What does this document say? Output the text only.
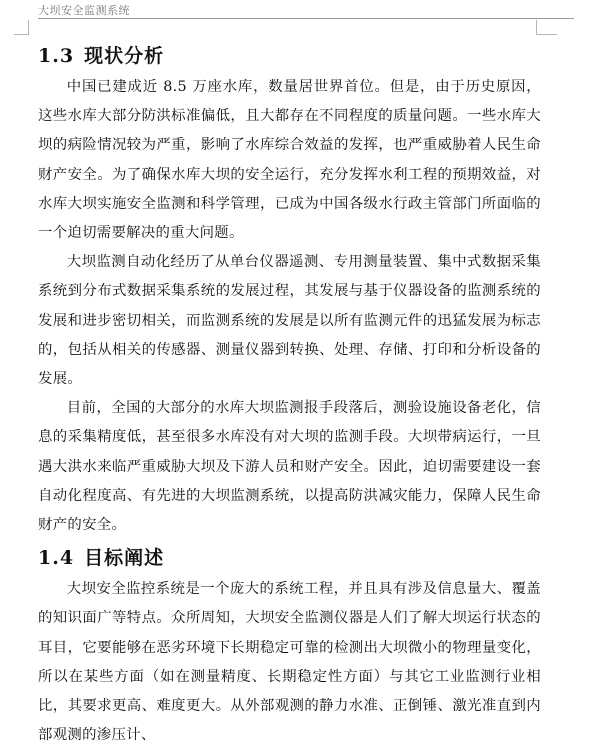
大坝安全监测系统
1.3 现状分析

中国已建成近 8.5 万座水库，数量居世界首位。但是，由于历史原因，这些水库大部分防洪标准偏低，且大都存在不同程度的质量问题。一些水库大坝的病险情况较为严重，影响了水库综合效益的发挥，也严重威胁着人民生命财产安全。为了确保水库大坝的安全运行，充分发挥水利工程的预期效益，对水库大坝实施安全监测和科学管理，已成为中国各级水行政主管部门所面临的一个迫切需要解决的重大问题。

大坝监测自动化经历了从单台仪器遥测、专用测量装置、集中式数据采集系统到分布式数据采集系统的发展过程，其发展与基于仪器设备的监测系统的发展和进步密切相关，而监测系统的发展是以所有监测元件的迅猛发展为标志的，包括从相关的传感器、测量仪器到转换、处理、存储、打印和分析设备的发展。

目前，全国的大部分的水库大坝监测报手段落后，测验设施设备老化，信息的采集精度低，甚至很多水库没有对大坝的监测手段。大坝带病运行，一旦遇大洪水来临严重威胁大坝及下游人员和财产安全。因此，迫切需要建设一套自动化程度高、有先进的大坝监测系统，以提高防洪减灾能力，保障人民生命财产的安全。

1.4 目标阐述

大坝安全监控系统是一个庞大的系统工程，并且具有涉及信息量大、覆盖的知识面广等特点。众所周知，大坝安全监测仪器是人们了解大坝运行状态的耳目，它要能够在恶劣环境下长期稳定可靠的检测出大坝微小的物理量变化，所以在某些方面（如在测量精度、长期稳定性方面）与其它工业监测行业相比，其要求更高、难度更大。从外部观测的静力水准、正倒锤、激光准直到内部观测的渗压计、
